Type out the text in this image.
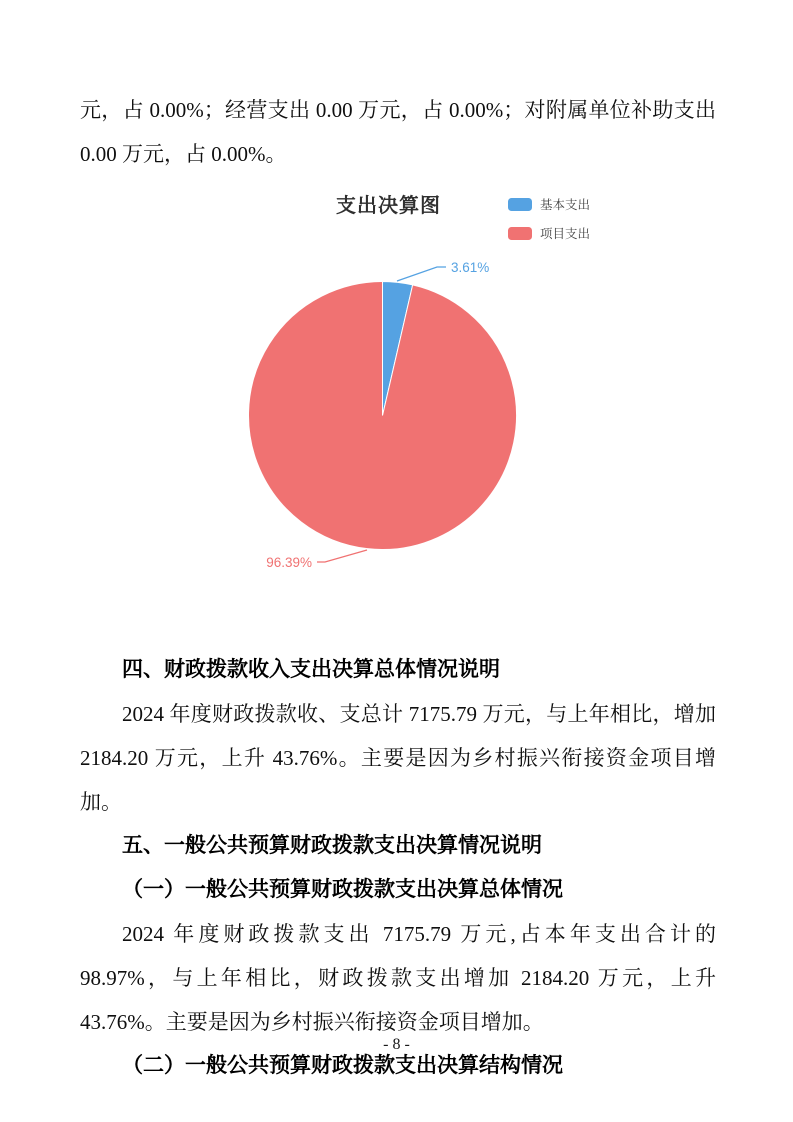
元，占 0.00%；经营支出 0.00 万元，占 0.00%；对附属单位补助支出 0.00 万元，占 0.00%。

支出决算图	基本支出
项目支出
3.61%
96.39%
四、财政拨款收入支出决算总体情况说明

2024 年度财政拨款收、支总计 7175.79 万元，与上年相比，增加 2184.20 万元，上升 43.76%。主要是因为乡村振兴衔接资金项目增加。

五、一般公共预算财政拨款支出决算情况说明
（一）一般公共预算财政拨款支出决算总体情况

2024 年度财政拨款支出 7175.79 万元,占本年支出合计的 98.97%，与上年相比，财政拨款支出增加 2184.20 万元，上升 43.76%。主要是因为乡村振兴衔接资金项目增加。

（二）一般公共预算财政拨款支出决算结构情况
- 8 -
